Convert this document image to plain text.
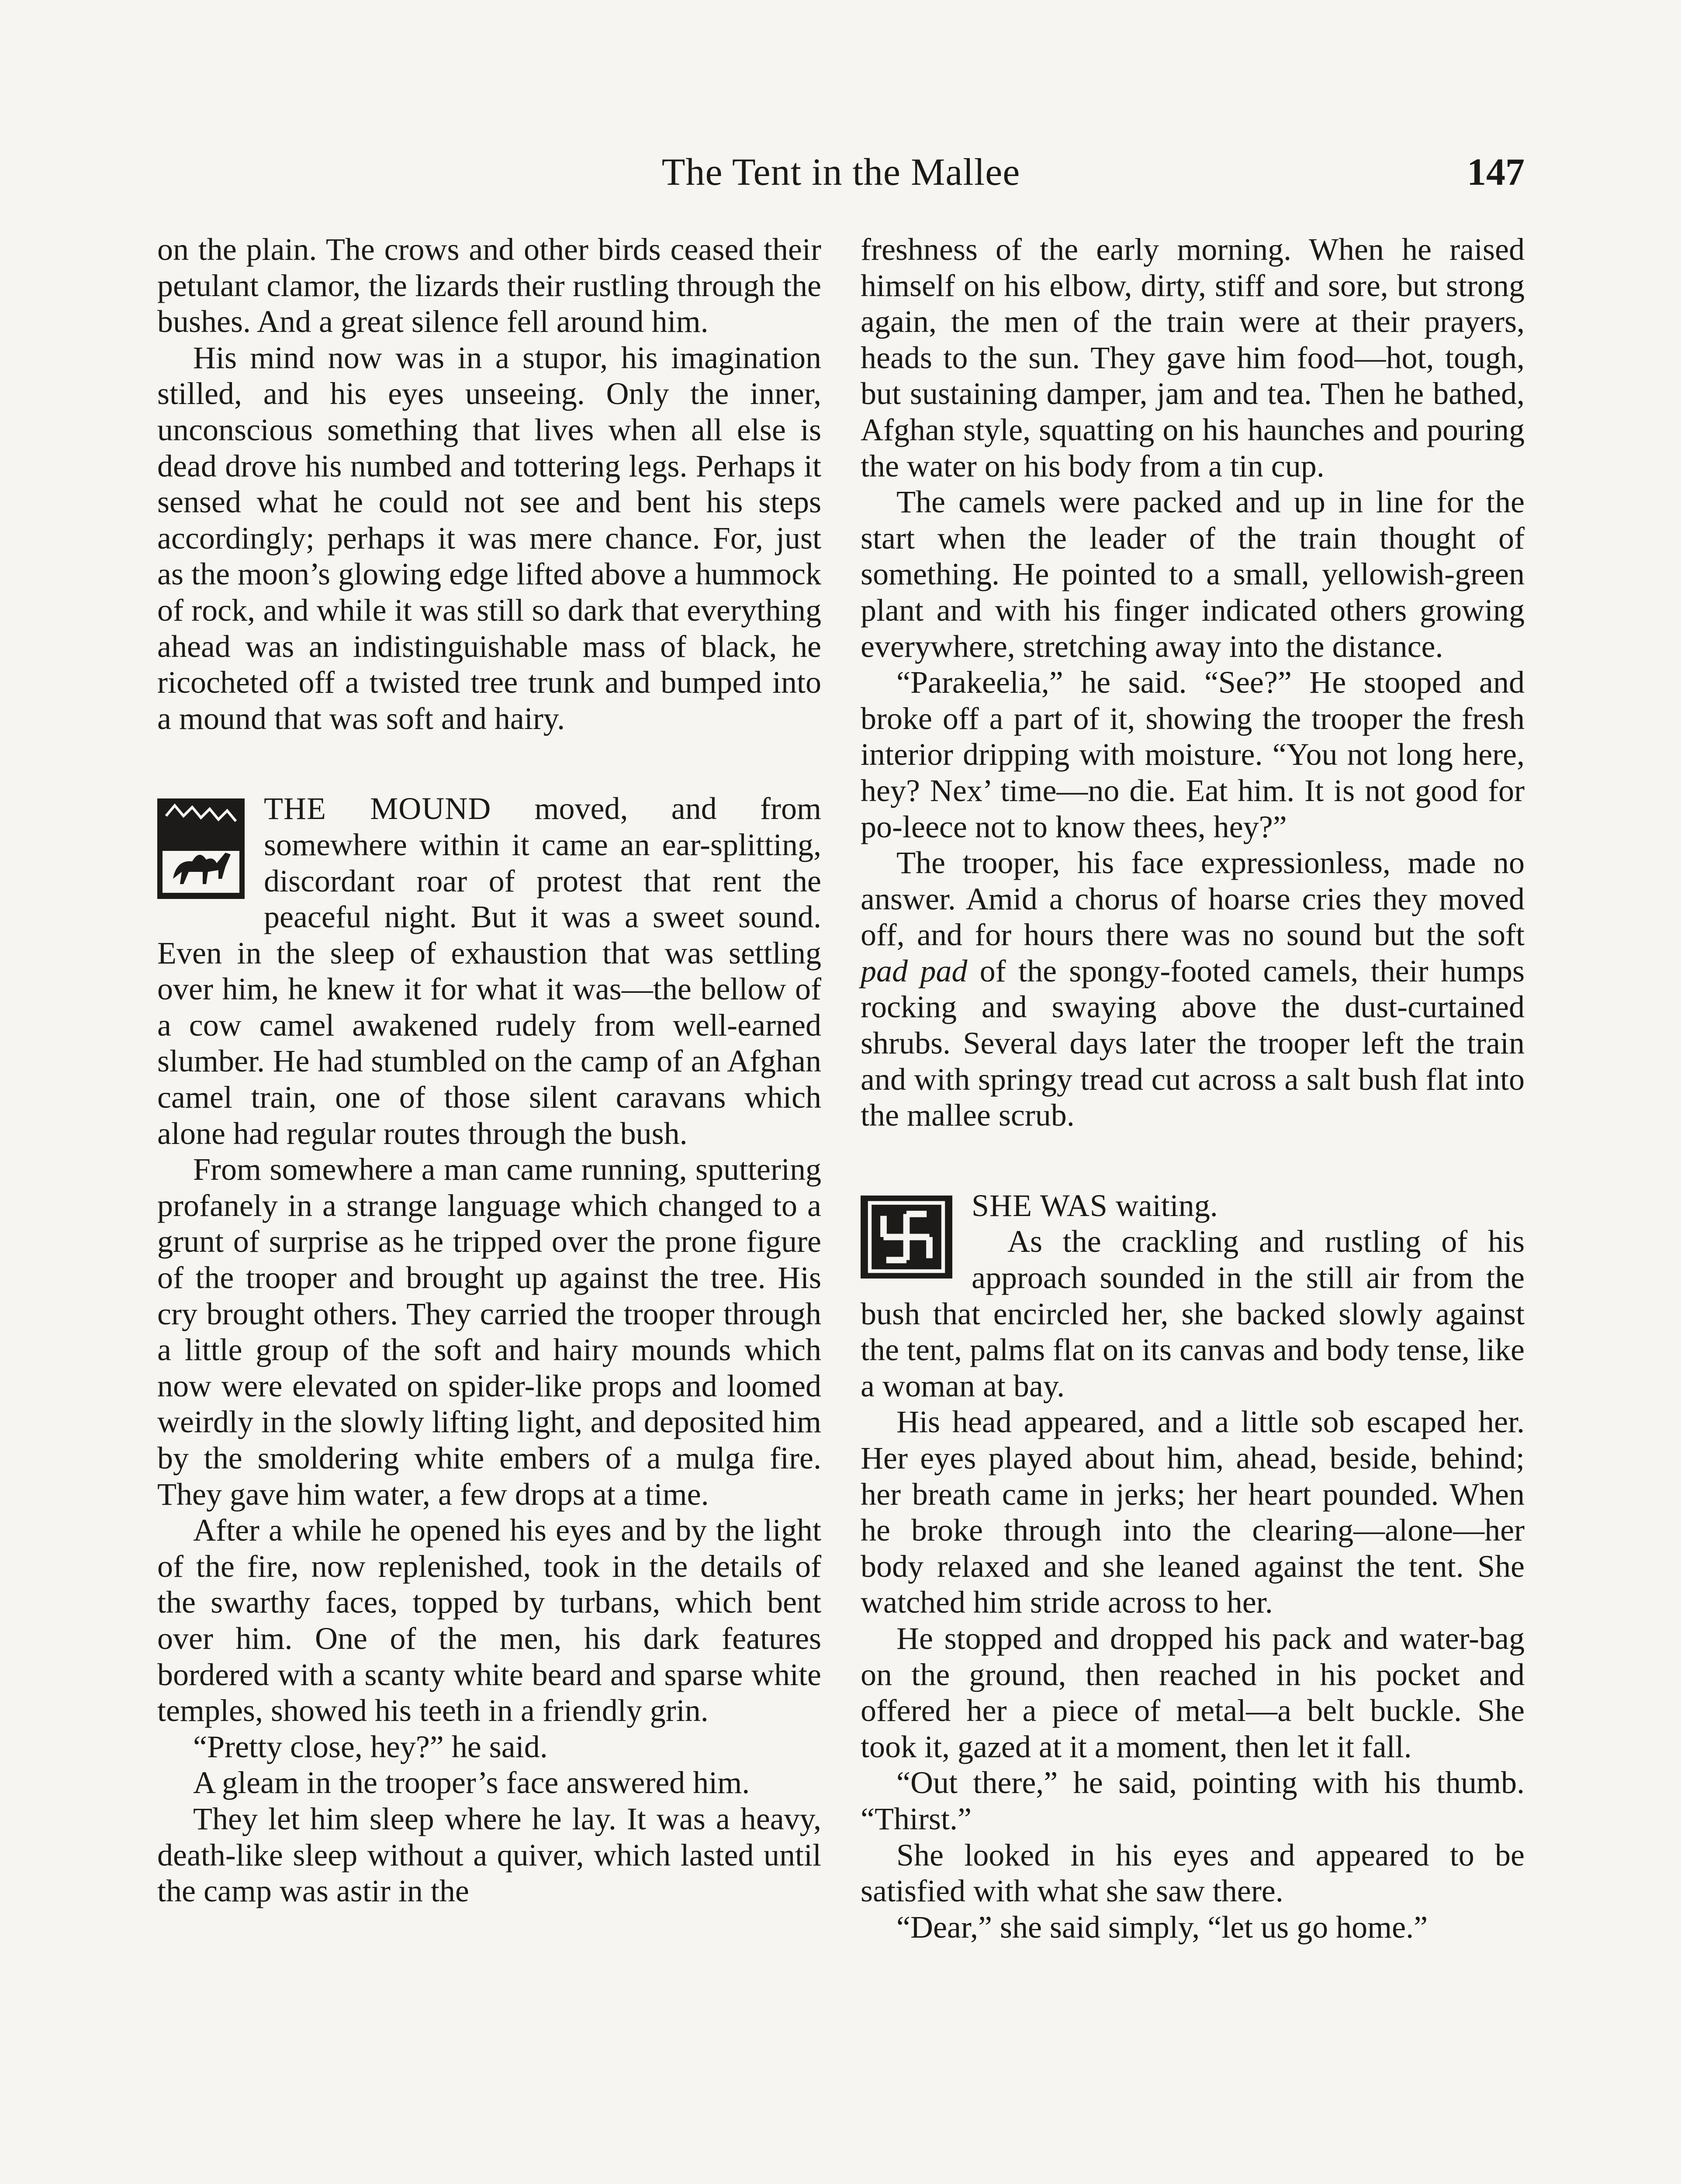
The Tent in the Mallee	147

on the plain. The crows and other birds ceased their petulant clamor, the lizards their rustling through the bushes. And a great silence fell around him.

His mind now was in a stupor, his imagination stilled, and his eyes unseeing. Only the inner, unconscious something that lives when all else is dead drove his numbed and tottering legs. Perhaps it sensed what he could not see and bent his steps accordingly; perhaps it was mere chance. For, just as the moon’s glowing edge lifted above a hummock of rock, and while it was still so dark that everything ahead was an indistinguishable mass of black, he ricocheted off a twisted tree trunk and bumped into a mound that was soft and hairy.

THE MOUND moved, and from somewhere within it came an ear-splitting, discordant roar of protest that rent the peaceful night. But it was a sweet sound. Even in the sleep of exhaustion that was settling over him, he knew it for what it was—the bellow of a cow camel awakened rudely from well-earned slumber. He had stumbled on the camp of an Afghan camel train, one of those silent caravans which alone had regular routes through the bush.

From somewhere a man came running, sputtering profanely in a strange language which changed to a grunt of surprise as he tripped over the prone figure of the trooper and brought up against the tree. His cry brought others. They carried the trooper through a little group of the soft and hairy mounds which now were elevated on spider-like props and loomed weirdly in the slowly lifting light, and deposited him by the smoldering white embers of a mulga fire. They gave him water, a few drops at a time.

After a while he opened his eyes and by the light of the fire, now replenished, took in the details of the swarthy faces, topped by turbans, which bent over him. One of the men, his dark features bordered with a scanty white beard and sparse white temples, showed his teeth in a friendly grin.

“Pretty close, hey?” he said.

A gleam in the trooper’s face answered him.

They let him sleep where he lay. It was a heavy, death-like sleep without a quiver, which lasted until the camp was astir in the

freshness of the early morning. When he raised himself on his elbow, dirty, stiff and sore, but strong again, the men of the train were at their prayers, heads to the sun. They gave him food—hot, tough, but sustaining damper, jam and tea. Then he bathed, Afghan style, squatting on his haunches and pouring the water on his body from a tin cup.

The camels were packed and up in line for the start when the leader of the train thought of something. He pointed to a small, yellowish-green plant and with his finger indicated others growing everywhere, stretching away into the distance.

“Parakeelia,” he said. “See?” He stooped and broke off a part of it, showing the trooper the fresh interior dripping with moisture. “You not long here, hey? Nex’ time—no die. Eat him. It is not good for po-leece not to know thees, hey?”

The trooper, his face expressionless, made no answer. Amid a chorus of hoarse cries they moved off, and for hours there was no sound but the soft pad pad of the spongy-footed camels, their humps rocking and swaying above the dust-curtained shrubs. Several days later the trooper left the train and with springy tread cut across a salt bush flat into the mallee scrub.

SHE WAS waiting.

As the crackling and rustling of his approach sounded in the still air from the bush that encircled her, she backed slowly against the tent, palms flat on its canvas and body tense, like a woman at bay.

His head appeared, and a little sob escaped her. Her eyes played about him, ahead, beside, behind; her breath came in jerks; her heart pounded. When he broke through into the clearing—alone—her body relaxed and she leaned against the tent. She watched him stride across to her.

He stopped and dropped his pack and water-bag on the ground, then reached in his pocket and offered her a piece of metal—a belt buckle. She took it, gazed at it a moment, then let it fall.

“Out there,” he said, pointing with his thumb. “Thirst.”

She looked in his eyes and appeared to be satisfied with what she saw there.

“Dear,” she said simply, “let us go home.”
